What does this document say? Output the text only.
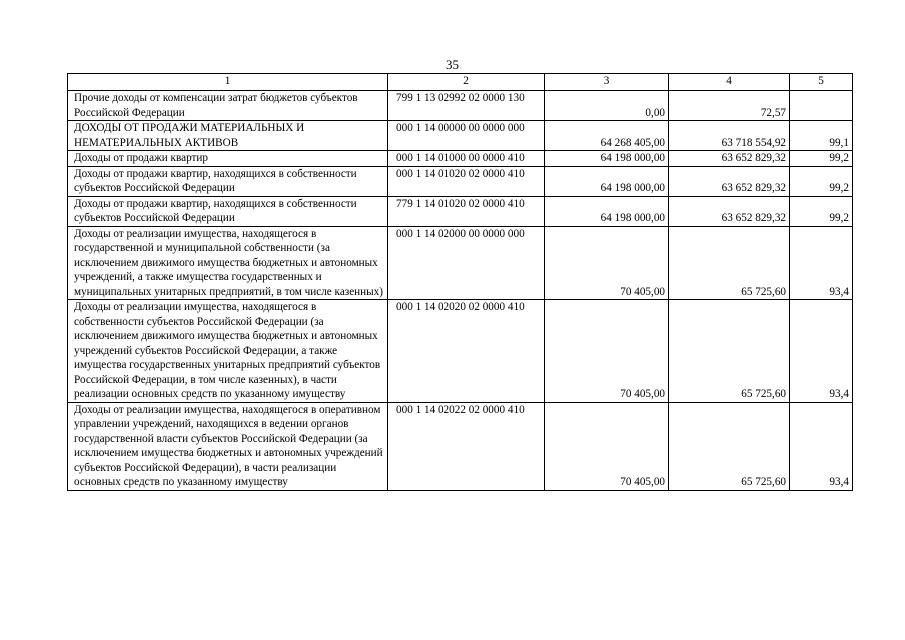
35
1	2	3	4	5
Прочие доходы от компенсации затрат бюджетов субъектов Российской Федерации	799 1 13 02992 02 0000 130	0,00	72,57	
ДОХОДЫ ОТ ПРОДАЖИ МАТЕРИАЛЬНЫХ И НЕМАТЕРИАЛЬНЫХ АКТИВОВ	000 1 14 00000 00 0000 000	64 268 405,00	63 718 554,92	99,1
Доходы от продажи квартир	000 1 14 01000 00 0000 410	64 198 000,00	63 652 829,32	99,2
Доходы от продажи квартир, находящихся в собственности субъектов Российской Федерации	000 1 14 01020 02 0000 410	64 198 000,00	63 652 829,32	99,2
Доходы от продажи квартир, находящихся в собственности субъектов Российской Федерации	779 1 14 01020 02 0000 410	64 198 000,00	63 652 829,32	99,2
Доходы от реализации имущества, находящегося в государственной и муниципальной собственности (за исключением движимого имущества бюджетных и автономных учреждений, а также имущества государственных и муниципальных унитарных предприятий, в том числе казенных)	000 1 14 02000 00 0000 000	70 405,00	65 725,60	93,4
Доходы от реализации имущества, находящегося в собственности субъектов Российской Федерации (за исключением движимого имущества бюджетных и автономных учреждений субъектов Российской Федерации, а также имущества государственных унитарных предприятий субъектов Российской Федерации, в том числе казенных), в части реализации основных средств по указанному имуществу	000 1 14 02020 02 0000 410	70 405,00	65 725,60	93,4
Доходы от реализации имущества, находящегося в оперативном управлении учреждений, находящихся в ведении органов государственной власти субъектов Российской Федерации (за исключением имущества бюджетных и автономных учреждений субъектов Российской Федерации), в части реализации основных средств по указанному имуществу	000 1 14 02022 02 0000 410	70 405,00	65 725,60	93,4
